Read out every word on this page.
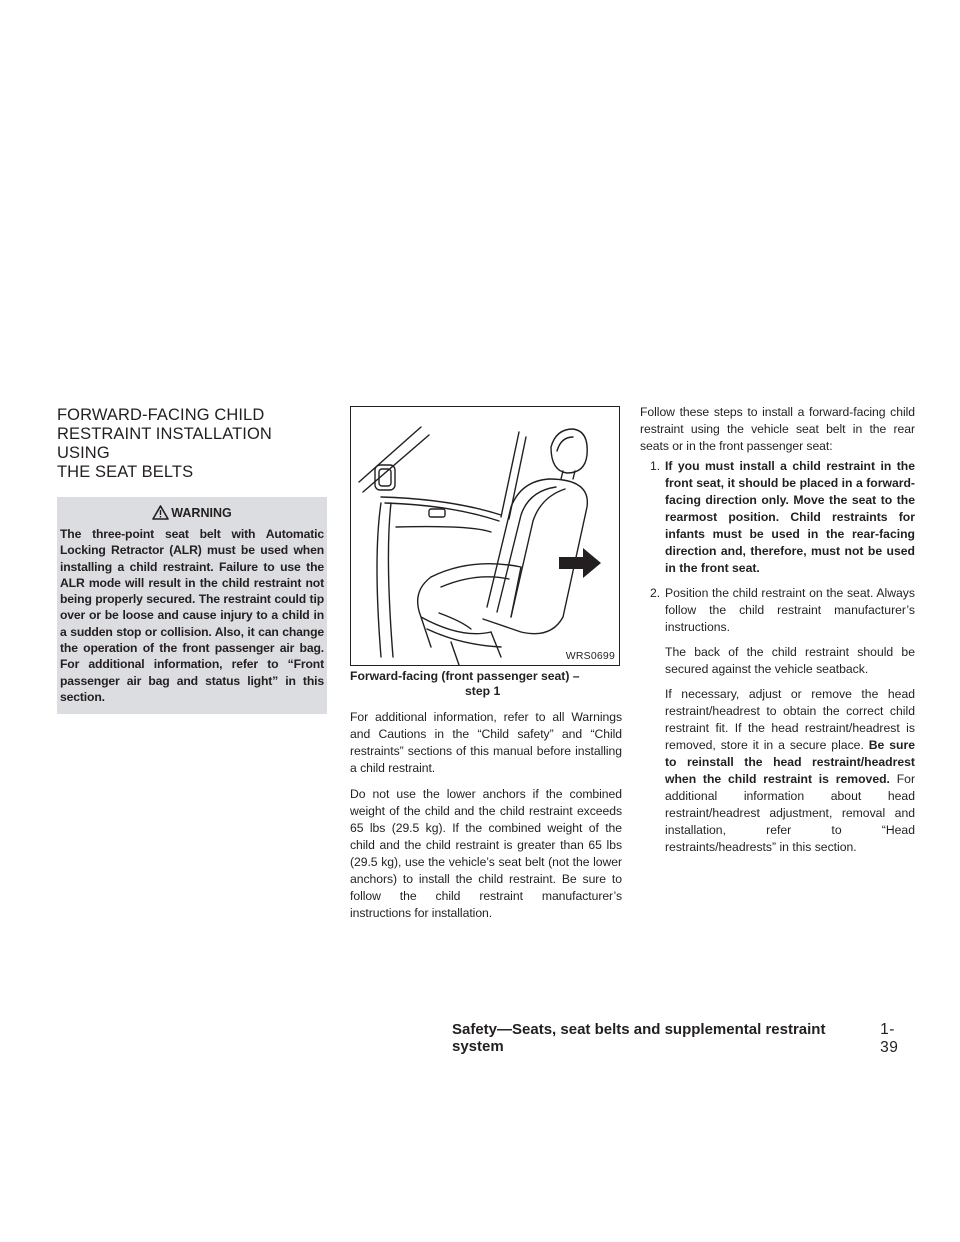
FORWARD-FACING CHILD
RESTRAINT INSTALLATION USING
THE SEAT BELTS
WARNING
The three-point seat belt with Automatic Locking Retractor (ALR) must be used when installing a child restraint. Failure to use the ALR mode will result in the child restraint not being properly secured. The restraint could tip over or be loose and cause injury to a child in a sudden stop or collision. Also, it can change the operation of the front passenger air bag. For additional information, refer to “Front passenger air bag and status light” in this section.
WRS0699
Forward-facing (front passenger seat) –
step 1

For additional information, refer to all Warnings and Cautions in the “Child safety” and “Child restraints” sections of this manual before installing a child restraint.

Do not use the lower anchors if the combined weight of the child and the child restraint exceeds 65 lbs (29.5 kg). If the combined weight of the child and the child restraint is greater than 65 lbs (29.5 kg), use the vehicle’s seat belt (not the lower anchors) to install the child restraint. Be sure to follow the child restraint manufacturer’s instructions for installation.

Follow these steps to install a forward-facing child restraint using the vehicle seat belt in the rear seats or in the front passenger seat:

1. If you must install a child restraint in the front seat, it should be placed in a forward-facing direction only. Move the seat to the rearmost position. Child restraints for infants must be used in the rear-facing direction and, therefore, must not be used in the front seat.
2. Position the child restraint on the seat. Always follow the child restraint manufacturer’s instructions.

The back of the child restraint should be secured against the vehicle seatback.

If necessary, adjust or remove the head restraint/headrest to obtain the correct child restraint fit. If the head restraint/headrest is removed, store it in a secure place. Be sure to reinstall the head restraint/headrest when the child restraint is removed. For additional information about head restraint/headrest adjustment, removal and installation, refer to “Head restraints/headrests” in this section.

Safety—Seats, seat belts and supplemental restraint system
1-39
